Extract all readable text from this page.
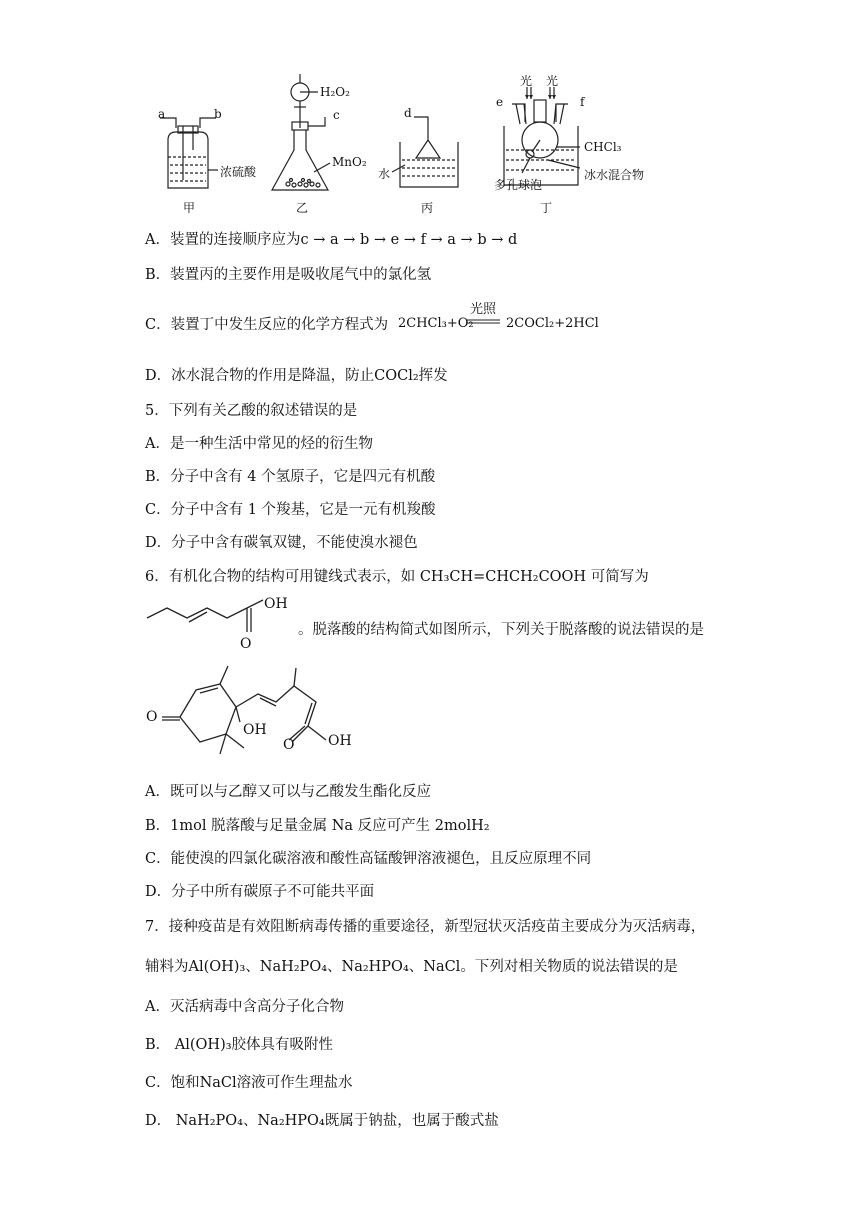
a	b
浓硫酸
甲
H₂O₂
c
MnO₂
乙
d
水
丙
光 光
e	f
CHCl₃
多孔球泡
冰水混合物
丁
A．装置的连接顺序应为c → a → b → e → f → a → b → d
B．装置丙的主要作用是吸收尾气中的氯化氢
C．装置丁中发生反应的化学方程式为 2CHCl₃+O₂
光照
2COCl₂+2HCl
D．冰水混合物的作用是降温，防止COCl₂挥发
5．下列有关乙酸的叙述错误的是
A．是一种生活中常见的烃的衍生物
B．分子中含有 4 个氢原子，它是四元有机酸
C．分子中含有 1 个羧基，它是一元有机羧酸
D．分子中含有碳氧双键，不能使溴水褪色
6．有机化合物的结构可用键线式表示，如 CH₃CH=CHCH₂COOH 可简写为
OH
O
。脱落酸的结构简式如图所示，下列关于脱落酸的说法错误的是
O
OH
O OH
A．既可以与乙醇又可以与乙酸发生酯化反应
B．1mol 脱落酸与足量金属 Na 反应可产生 2molH₂
C．能使溴的四氯化碳溶液和酸性高锰酸钾溶液褪色，且反应原理不同
D．分子中所有碳原子不可能共平面
7．接种疫苗是有效阻断病毒传播的重要途径，新型冠状灭活疫苗主要成分为灭活病毒，
辅料为Al(OH)₃、NaH₂PO₄、Na₂HPO₄、NaCl。下列对相关物质的说法错误的是
A．灭活病毒中含高分子化合物
B． Al(OH)₃胶体具有吸附性
C．饱和NaCl溶液可作生理盐水
D． NaH₂PO₄、Na₂HPO₄既属于钠盐，也属于酸式盐
